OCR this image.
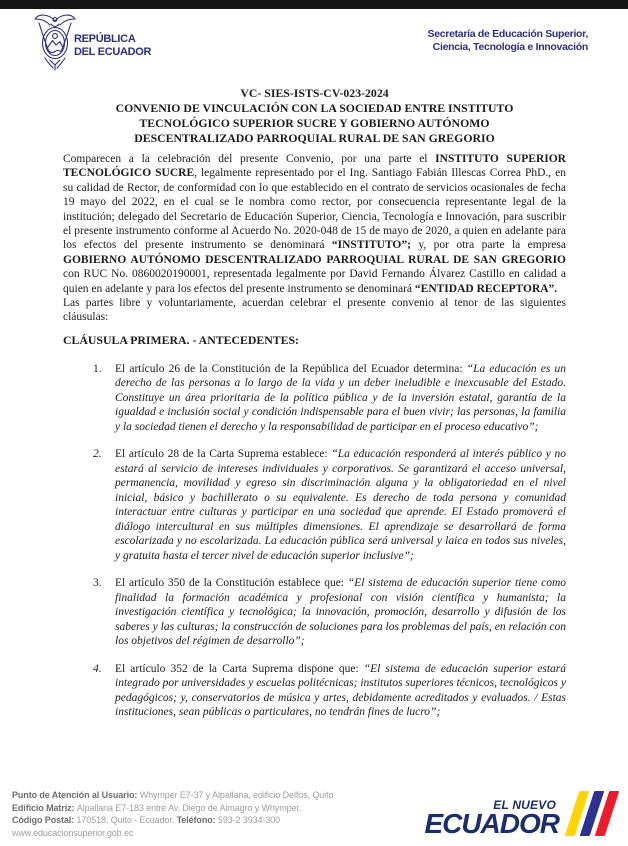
REPÚBLICA
DEL ECUADOR
Secretaría de Educación Superior,
Ciencia, Tecnología e Innovación
VC- SIES-ISTS-CV-023-2024
CONVENIO DE VINCULACIÓN CON LA SOCIEDAD ENTRE INSTITUTO
TECNOLÓGICO SUPERIOR SUCRE Y GOBIERNO AUTÓNOMO
DESCENTRALIZADO PARROQUIAL RURAL DE SAN GREGORIO

Comparecen a la celebración del presente Convenio, por una parte el INSTITUTO SUPERIOR TECNOLÓGICO SUCRE, legalmente representado por el Ing. Santiago Fabián Illescas Correa PhD., en su calidad de Rector, de conformidad con lo que establecido en el contrato de servicios ocasionales de fecha 19 mayo del 2022, en el cual se le nombra como rector, por consecuencia representante legal de la institución; delegado del Secretario de Educación Superior, Ciencia, Tecnología e Innovación, para suscribir el presente instrumento conforme al Acuerdo No. 2020-048 de 15 de mayo de 2020, a quien en adelante para los efectos del presente instrumento se denominará “INSTITUTO”; y, por otra parte la empresa GOBIERNO AUTÓNOMO DESCENTRALIZADO PARROQUIAL RURAL DE SAN GREGORIO con RUC No. 0860020190001, representada legalmente por David Fernando Álvarez Castillo en calidad a quien en adelante y para los efectos del presente instrumento se denominará “ENTIDAD RECEPTORA”.

Las partes libre y voluntariamente, acuerdan celebrar el presente convenio al tenor de las siguientes cláusulas:

CLÁUSULA PRIMERA. - ANTECEDENTES:
1. El artículo 26 de la Constitución de la República del Ecuador determina: “La educación es un derecho de las personas a lo largo de la vida y un deber ineludible e inexcusable del Estado. Constituye un área prioritaria de la política pública y de la inversión estatal, garantía de la igualdad e inclusión social y condición indispensable para el buen vivir; las personas, la familia y la sociedad tienen el derecho y la responsabilidad de participar en el proceso educativo”;
2. El artículo 28 de la Carta Suprema establece: “La educación responderá al interés público y no estará al servicio de intereses individuales y corporativos. Se garantizará el acceso universal, permanencia, movilidad y egreso sin discriminación alguna y la obligatoriedad en el nivel inicial, básico y bachillerato o su equivalente. Es derecho de toda persona y comunidad interactuar entre culturas y participar en una sociedad que aprende. El Estado promoverá el diálogo intercultural en sus múltiples dimensiones. El aprendizaje se desarrollará de forma escolarizada y no escolarizada. La educación pública será universal y laica en todos sus niveles, y gratuita hasta el tercer nivel de educación superior inclusive”;
3. El artículo 350 de la Constitución establece que: “El sistema de educación superior tiene como finalidad la formación académica y profesional con visión científica y humanista; la investigación científica y tecnológica; la innovación, promoción, desarrollo y difusión de los saberes y las culturas; la construcción de soluciones para los problemas del país, en relación con los objetivos del régimen de desarrollo”;
4. El artículo 352 de la Carta Suprema dispone que: “El sistema de educación superior estará integrado por universidades y escuelas politécnicas; institutos superiores técnicos, tecnológicos y pedagógicos; y, conservatorios de música y artes, debidamente acreditados y evaluados. / Estas instituciones, sean públicas o particulares, no tendrán fines de lucro”;
Punto de Atención al Usuario: Whymper E7-37 y Alpallana, edificio Delfos, Quito
Edificio Matriz: Alpallana E7-183 entre Av. Diego de Almagro y Whymper.
Código Postal: 170518, Quito - Ecuador. Teléfono: 593-2 3934-300
www.educacionsuperior.gob.ec
EL NUEVO
ECUADOR
